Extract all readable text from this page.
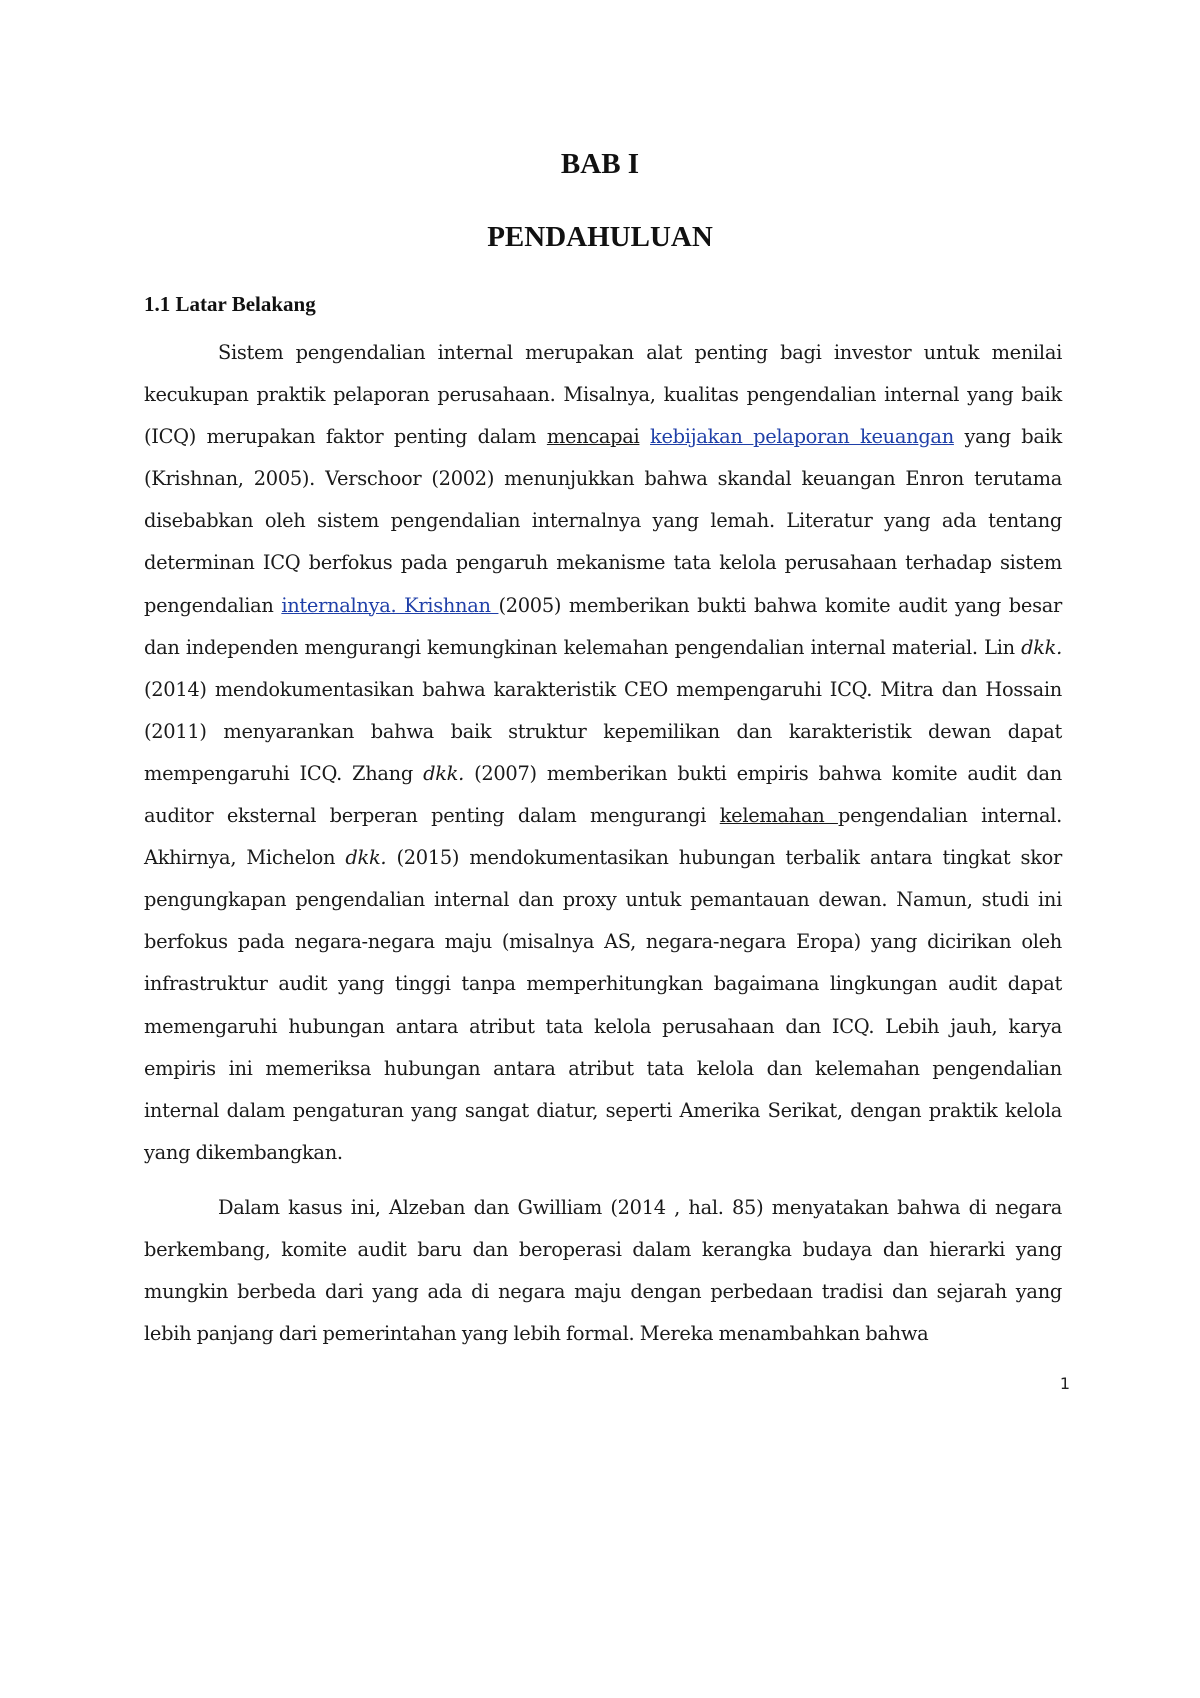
BAB I
PENDAHULUAN
1.1 Latar Belakang

Sistem pengendalian internal merupakan alat penting bagi investor untuk menilai kecukupan praktik pelaporan perusahaan. Misalnya, kualitas pengendalian internal yang baik (ICQ) merupakan faktor penting dalam mencapai kebijakan pelaporan keuangan yang baik (Krishnan, 2005). Verschoor (2002) menunjukkan bahwa skandal keuangan Enron terutama disebabkan oleh sistem pengendalian internalnya yang lemah. Literatur yang ada tentang determinan ICQ berfokus pada pengaruh mekanisme tata kelola perusahaan terhadap sistem pengendalian internalnya. Krishnan (2005) memberikan bukti bahwa komite audit yang besar dan independen mengurangi kemungkinan kelemahan pengendalian internal material. Lin dkk. (2014) mendokumentasikan bahwa karakteristik CEO mempengaruhi ICQ. Mitra dan Hossain (2011) menyarankan bahwa baik struktur kepemilikan dan karakteristik dewan dapat mempengaruhi ICQ. Zhang dkk. (2007) memberikan bukti empiris bahwa komite audit dan auditor eksternal berperan penting dalam mengurangi kelemahan pengendalian internal. Akhirnya, Michelon dkk. (2015) mendokumentasikan hubungan terbalik antara tingkat skor pengungkapan pengendalian internal dan proxy untuk pemantauan dewan. Namun, studi ini berfokus pada negara-negara maju (misalnya AS, negara-negara Eropa) yang dicirikan oleh infrastruktur audit yang tinggi tanpa memperhitungkan bagaimana lingkungan audit dapat memengaruhi hubungan antara atribut tata kelola perusahaan dan ICQ. Lebih jauh, karya empiris ini memeriksa hubungan antara atribut tata kelola dan kelemahan pengendalian internal dalam pengaturan yang sangat diatur, seperti Amerika Serikat, dengan praktik kelola yang dikembangkan.

Dalam kasus ini, Alzeban dan Gwilliam (2014 , hal. 85) menyatakan bahwa di negara berkembang, komite audit baru dan beroperasi dalam kerangka budaya dan hierarki yang mungkin berbeda dari yang ada di negara maju dengan perbedaan tradisi dan sejarah yang lebih panjang dari pemerintahan yang lebih formal. Mereka menambahkan bahwa

1
